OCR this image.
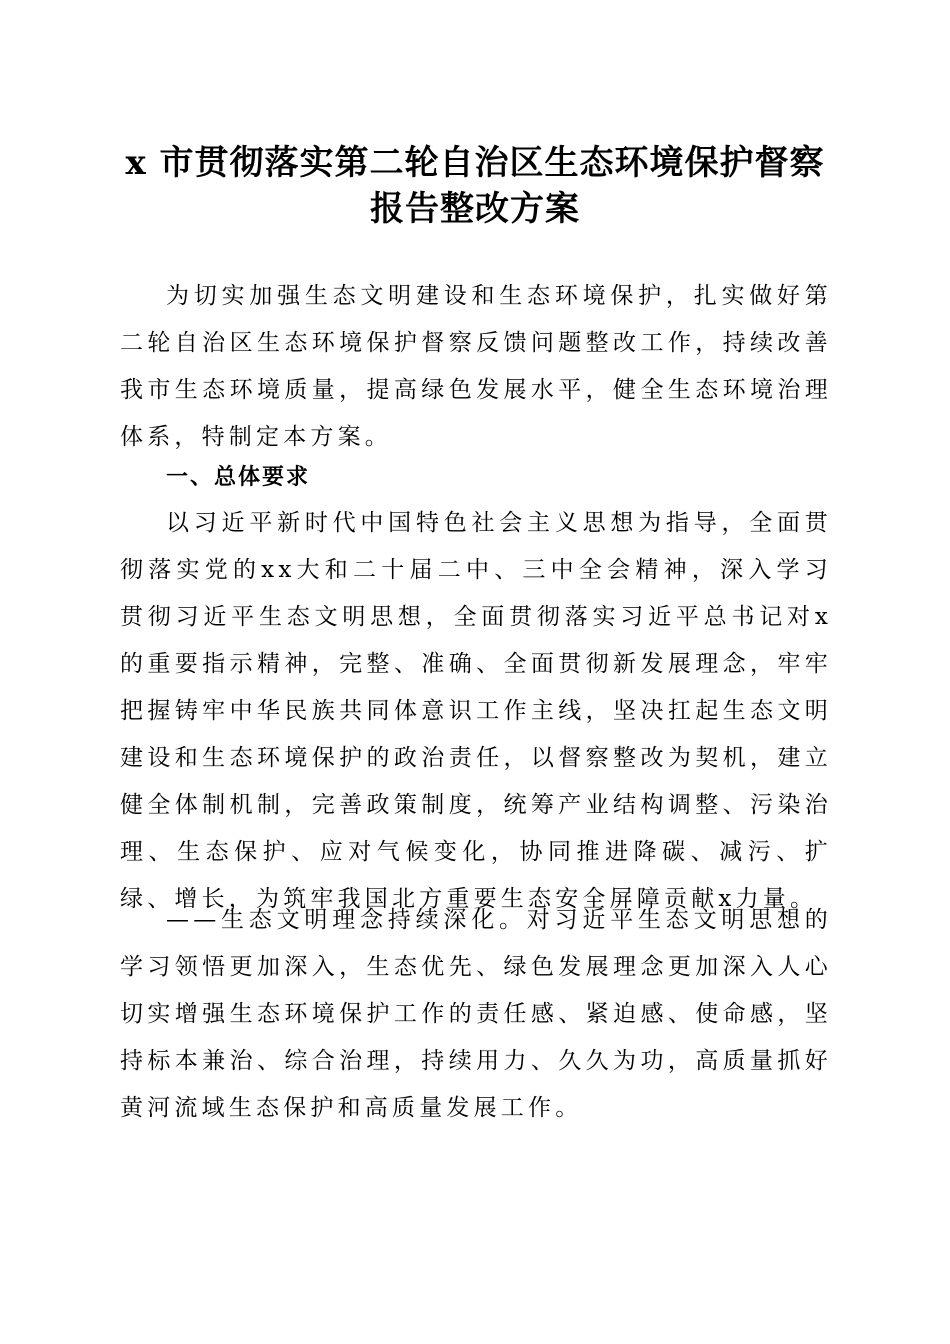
x 市贯彻落实第二轮自治区生态环境保护督察
报告整改方案

为切实加强生态文明建设和生态环境保护，扎实做好第二轮自治区生态环境保护督察反馈问题整改工作，持续改善我市生态环境质量，提高绿色发展水平，健全生态环境治理体系，特制定本方案。

一、总体要求

以习近平新时代中国特色社会主义思想为指导，全面贯彻落实党的xx大和二十届二中、三中全会精神，深入学习贯彻习近平生态文明思想，全面贯彻落实习近平总书记对x的重要指示精神，完整、准确、全面贯彻新发展理念，牢牢把握铸牢中华民族共同体意识工作主线，坚决扛起生态文明建设和生态环境保护的政治责任，以督察整改为契机，建立健全体制机制，完善政策制度，统筹产业结构调整、污染治理、生态保护、应对气候变化，协同推进降碳、减污、扩绿、增长，为筑牢我国北方重要生态安全屏障贡献x力量。

——生态文明理念持续深化。对习近平生态文明思想的学习领悟更加深入，生态优先、绿色发展理念更加深入人心切实增强生态环境保护工作的责任感、紧迫感、使命感，坚持标本兼治、综合治理，持续用力、久久为功，高质量抓好黄河流域生态保护和高质量发展工作。
